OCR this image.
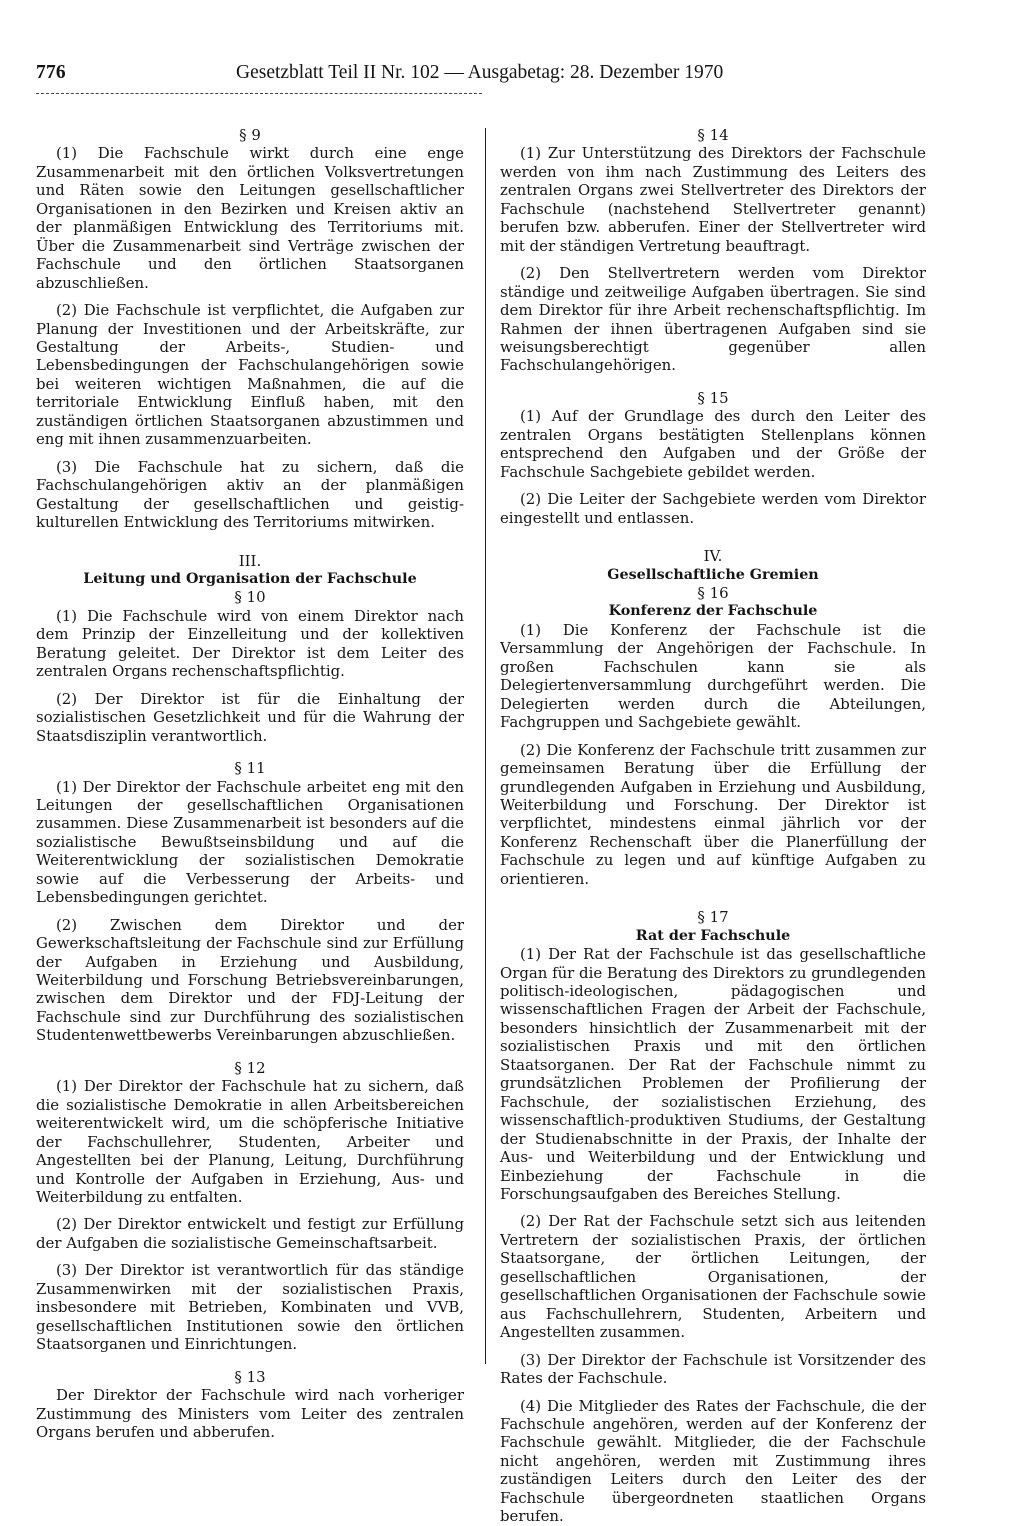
776	Gesetzblatt Teil II Nr. 102 — Ausgabetag: 28. Dezember 1970
§ 9

(1) Die Fachschule wirkt durch eine enge Zusammenarbeit mit den örtlichen Volksvertretungen und Räten sowie den Leitungen gesellschaftlicher Organisationen in den Bezirken und Kreisen aktiv an der planmäßigen Entwicklung des Territoriums mit. Über die Zusammenarbeit sind Verträge zwischen der Fachschule und den örtlichen Staatsorganen abzuschließen.

(2) Die Fachschule ist verpflichtet, die Aufgaben zur Planung der Investitionen und der Arbeitskräfte, zur Gestaltung der Arbeits-, Studien- und Lebensbedingungen der Fachschulangehörigen sowie bei weiteren wichtigen Maßnahmen, die auf die territoriale Entwicklung Einfluß haben, mit den zuständigen örtlichen Staatsorganen abzustimmen und eng mit ihnen zusammenzuarbeiten.

(3) Die Fachschule hat zu sichern, daß die Fachschulangehörigen aktiv an der planmäßigen Gestaltung der gesellschaftlichen und geistig-kulturellen Entwicklung des Territoriums mitwirken.

III.
Leitung und Organisation der Fachschule
§ 10

(1) Die Fachschule wird von einem Direktor nach dem Prinzip der Einzelleitung und der kollektiven Beratung geleitet. Der Direktor ist dem Leiter des zentralen Organs rechenschaftspflichtig.

(2) Der Direktor ist für die Einhaltung der sozialistischen Gesetzlichkeit und für die Wahrung der Staatsdisziplin verantwortlich.

§ 11

(1) Der Direktor der Fachschule arbeitet eng mit den Leitungen der gesellschaftlichen Organisationen zusammen. Diese Zusammenarbeit ist besonders auf die sozialistische Bewußtseinsbildung und auf die Weiterentwicklung der sozialistischen Demokratie sowie auf die Verbesserung der Arbeits- und Lebensbedingungen gerichtet.

(2) Zwischen dem Direktor und der Gewerkschaftsleitung der Fachschule sind zur Erfüllung der Aufgaben in Erziehung und Ausbildung, Weiterbildung und Forschung Betriebsvereinbarungen, zwischen dem Direktor und der FDJ-Leitung der Fachschule sind zur Durchführung des sozialistischen Studentenwettbewerbs Vereinbarungen abzuschließen.

§ 12

(1) Der Direktor der Fachschule hat zu sichern, daß die sozialistische Demokratie in allen Arbeitsbereichen weiterentwickelt wird, um die schöpferische Initiative der Fachschullehrer, Studenten, Arbeiter und Angestellten bei der Planung, Leitung, Durchführung und Kontrolle der Aufgaben in Erziehung, Aus- und Weiterbildung zu entfalten.

(2) Der Direktor entwickelt und festigt zur Erfüllung der Aufgaben die sozialistische Gemeinschaftsarbeit.

(3) Der Direktor ist verantwortlich für das ständige Zusammenwirken mit der sozialistischen Praxis, insbesondere mit Betrieben, Kombinaten und VVB, gesellschaftlichen Institutionen sowie den örtlichen Staatsorganen und Einrichtungen.

§ 13

Der Direktor der Fachschule wird nach vorheriger Zustimmung des Ministers vom Leiter des zentralen Organs berufen und abberufen.

§ 14

(1) Zur Unterstützung des Direktors der Fachschule werden von ihm nach Zustimmung des Leiters des zentralen Organs zwei Stellvertreter des Direktors der Fachschule (nachstehend Stellvertreter genannt) berufen bzw. abberufen. Einer der Stellvertreter wird mit der ständigen Vertretung beauftragt.

(2) Den Stellvertretern werden vom Direktor ständige und zeitweilige Aufgaben übertragen. Sie sind dem Direktor für ihre Arbeit rechenschaftspflichtig. Im Rahmen der ihnen übertragenen Aufgaben sind sie weisungsberechtigt gegenüber allen Fachschulangehörigen.

§ 15

(1) Auf der Grundlage des durch den Leiter des zentralen Organs bestätigten Stellenplans können entsprechend den Aufgaben und der Größe der Fachschule Sachgebiete gebildet werden.

(2) Die Leiter der Sachgebiete werden vom Direktor eingestellt und entlassen.

IV.
Gesellschaftliche Gremien
§ 16
Konferenz der Fachschule

(1) Die Konferenz der Fachschule ist die Versammlung der Angehörigen der Fachschule. In großen Fachschulen kann sie als Delegiertenversammlung durchgeführt werden. Die Delegierten werden durch die Abteilungen, Fachgruppen und Sachgebiete gewählt.

(2) Die Konferenz der Fachschule tritt zusammen zur gemeinsamen Beratung über die Erfüllung der grundlegenden Aufgaben in Erziehung und Ausbildung, Weiterbildung und Forschung. Der Direktor ist verpflichtet, mindestens einmal jährlich vor der Konferenz Rechenschaft über die Planerfüllung der Fachschule zu legen und auf künftige Aufgaben zu orientieren.

§ 17
Rat der Fachschule

(1) Der Rat der Fachschule ist das gesellschaftliche Organ für die Beratung des Direktors zu grundlegenden politisch-ideologischen, pädagogischen und wissenschaftlichen Fragen der Arbeit der Fachschule, besonders hinsichtlich der Zusammenarbeit mit der sozialistischen Praxis und mit den örtlichen Staatsorganen. Der Rat der Fachschule nimmt zu grundsätzlichen Problemen der Profilierung der Fachschule, der sozialistischen Erziehung, des wissenschaftlich-produktiven Studiums, der Gestaltung der Studienabschnitte in der Praxis, der Inhalte der Aus- und Weiterbildung und der Entwicklung und Einbeziehung der Fachschule in die Forschungsaufgaben des Bereiches Stellung.

(2) Der Rat der Fachschule setzt sich aus leitenden Vertretern der sozialistischen Praxis, der örtlichen Staatsorgane, der örtlichen Leitungen, der gesellschaftlichen Organisationen, der gesellschaftlichen Organisationen der Fachschule sowie aus Fachschullehrern, Studenten, Arbeitern und Angestellten zusammen.

(3) Der Direktor der Fachschule ist Vorsitzender des Rates der Fachschule.

(4) Die Mitglieder des Rates der Fachschule, die der Fachschule angehören, werden auf der Konferenz der Fachschule gewählt. Mitglieder, die der Fachschule nicht angehören, werden mit Zustimmung ihres zuständigen Leiters durch den Leiter des der Fachschule übergeordneten staatlichen Organs berufen.
